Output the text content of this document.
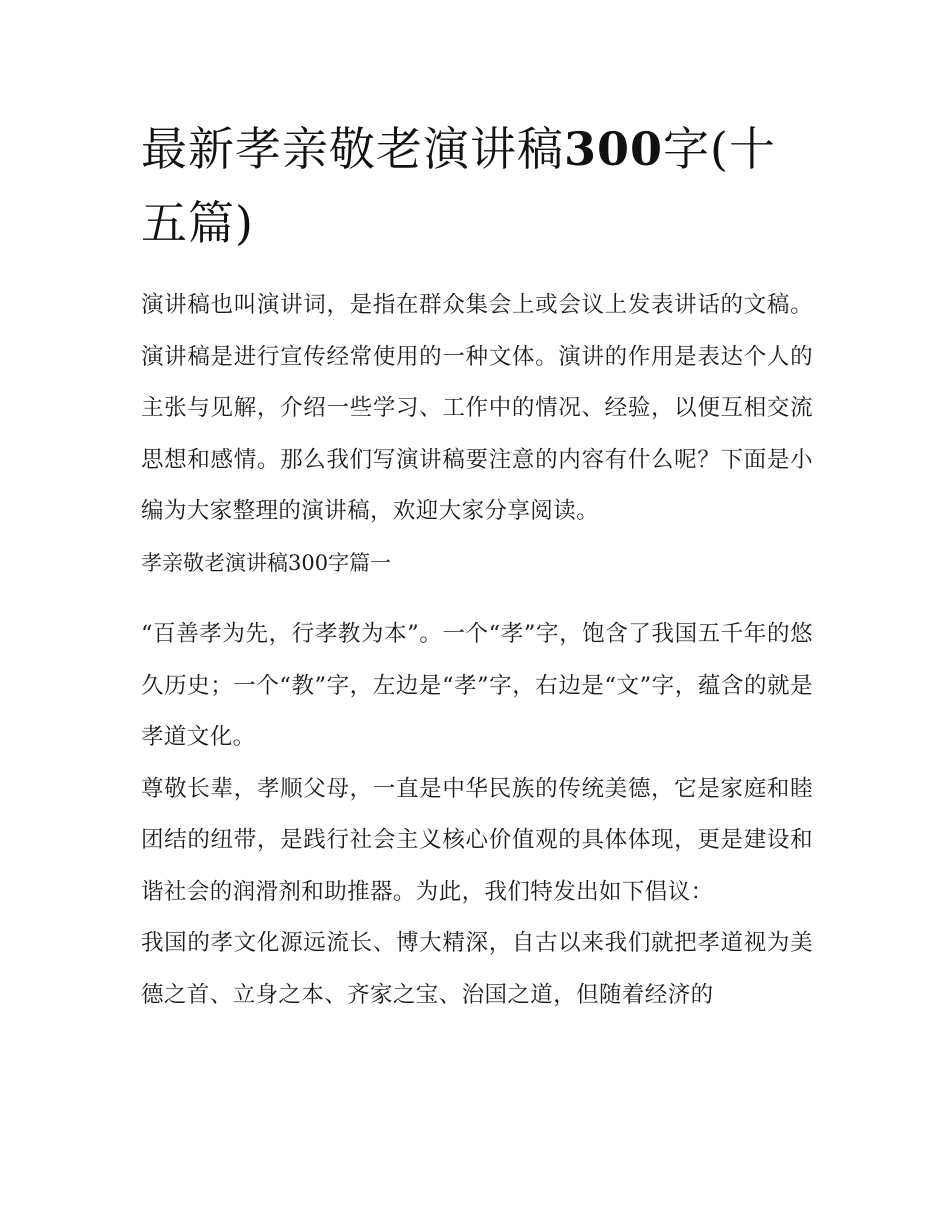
最新孝亲敬老演讲稿300字(十五篇)

演讲稿也叫演讲词，是指在群众集会上或会议上发表讲话的文稿。演讲稿是进行宣传经常使用的一种文体。演讲的作用是表达个人的主张与见解，介绍一些学习、工作中的情况、经验，以便互相交流思想和感情。那么我们写演讲稿要注意的内容有什么呢？下面是小编为大家整理的演讲稿，欢迎大家分享阅读。

孝亲敬老演讲稿300字篇一

“百善孝为先，行孝教为本”。一个“孝”字，饱含了我国五千年的悠久历史；一个“教”字，左边是“孝”字，右边是“文”字，蕴含的就是孝道文化。

尊敬长辈，孝顺父母，一直是中华民族的传统美德，它是家庭和睦团结的纽带，是践行社会主义核心价值观的具体体现，更是建设和谐社会的润滑剂和助推器。为此，我们特发出如下倡议：

我国的孝文化源远流长、博大精深，自古以来我们就把孝道视为美德之首、立身之本、齐家之宝、治国之道，但随着经济的
